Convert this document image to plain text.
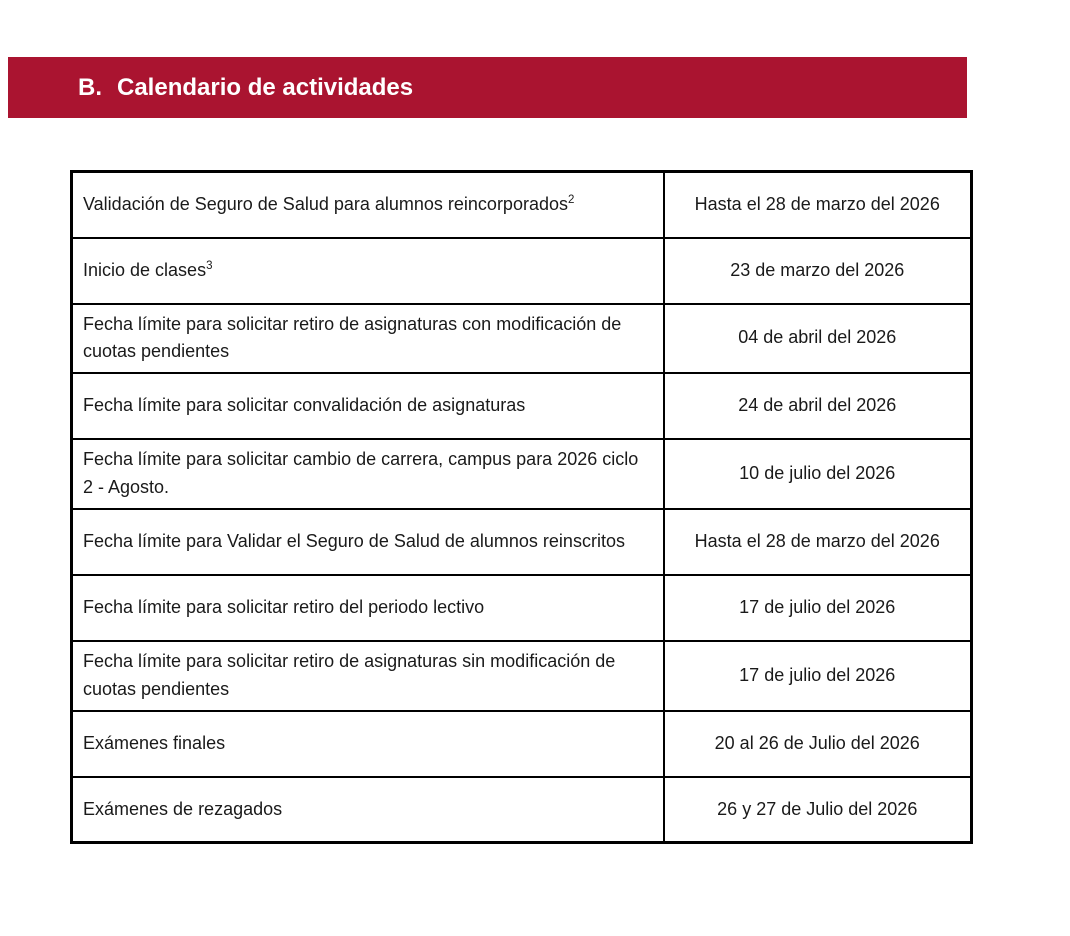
B. Calendario de actividades
Validación de Seguro de Salud para alumnos reincorporados$^2$	Hasta el 28 de marzo del 2026
Inicio de clases$^3$	23 de marzo del 2026
Fecha límite para solicitar retiro de asignaturas con modificación de cuotas pendientes	04 de abril del 2026
Fecha límite para solicitar convalidación de asignaturas	24 de abril del 2026
Fecha límite para solicitar cambio de carrera, campus para 2026 ciclo 2 - Agosto.	10 de julio del 2026
Fecha límite para Validar el Seguro de Salud de alumnos reinscritos	Hasta el 28 de marzo del 2026
Fecha límite para solicitar retiro del periodo lectivo	17 de julio del 2026
Fecha límite para solicitar retiro de asignaturas sin modificación de cuotas pendientes	17 de julio del 2026
Exámenes finales	20 al 26 de Julio del 2026
Exámenes de rezagados	26 y 27 de Julio del 2026
